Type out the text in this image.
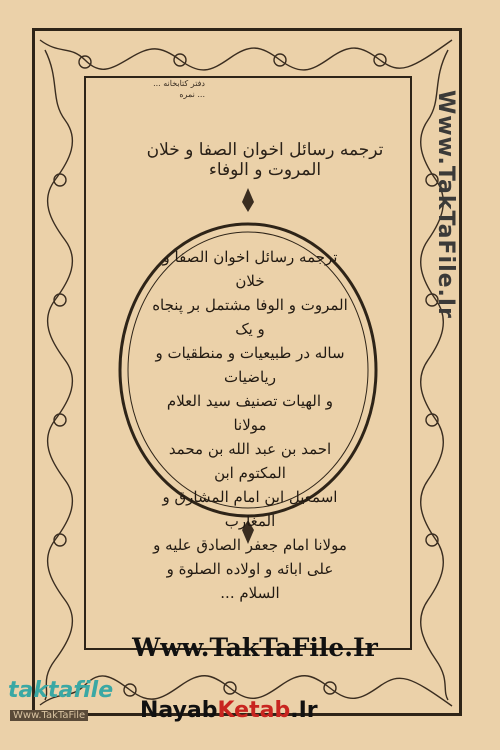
دفتر کتابخانه ...
... نمره
ترجمه رسائل اخوان الصفا و خلان المروت و الوفاء
ترجمه رسائل اخوان الصفا و خلان
المروت و الوفا مشتمل بر پنجاه و یک
ساله در طبیعیات و منطقیات و ریاضیات
و الهیات تصنیف سید العلام مولانا
احمد بن عبد الله بن محمد المکتوم ابن
اسمعیل ابن امام المشارق و المغارب
مولانا امام جعفر الصادق علیه و
علی ابائه و اولاده الصلوة و
السلام ...
Www.TakTaFile.Ir
Www.TakTaFile.Ir
taktafile
Www.TakTaFile NayabKetab.Ir
